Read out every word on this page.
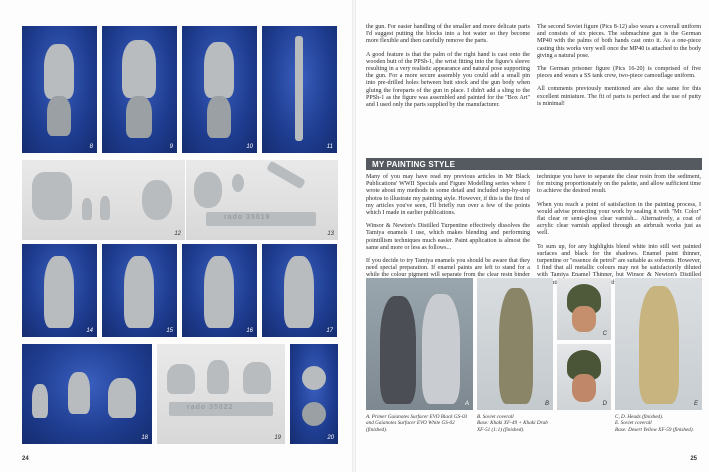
8	9	10	11
12
rado 35019
13
14	15	16	17
18
rado 35022
19	20
24

the gun. For easier handling of the smaller and more delicate parts I'd suggest putting the blocks into a hot water so they become more flexible and then carefully remove the parts.

A good feature is that the palm of the right hand is cast onto the wooden butt of the PPSh-1, the wrist fitting into the figure's sleeve resulting in a very realistic appearance and natural pose supporting the gun. For a more secure assembly you could add a small pin into pre-drilled holes between butt stock and the gun body when gluing the foreparts of the gun in place. I didn't add a sling to the PPSh-1 as the figure was assembled and painted for the "Box Art" and I used only the parts supplied by the manufacturer.

The second Soviet figure (Pics 8-12) also wears a coverall uniform and consists of six pieces. The submachine gun is the German MP40 with the palms of both hands cast onto it. As a one-piece casting this works very well once the MP40 is attached to the body giving a natural pose.

The German prisoner figure (Pics 16-20) is comprised of five pieces and wears a SS tank crew, two-piece camouflage uniform.

All comments previously mentioned are also the same for this excellent miniature. The fit of parts is perfect and the use of putty is minimal!

MY PAINTING STYLE

Many of you may have read my previous articles in Mr Black Publications' WWII Specials and Figure Modelling series where I wrote about my methods in some detail and included step-by-step photos to illustrate my painting style. However, if this is the first of my articles you've seen, I'll briefly run over a few of the points which I made in earlier publications.

Winsor & Newton's Distilled Turpentine effectively dissolves the Tamiya enamels I use, which makes blending and performing pointillism techniques much easier. Paint application is almost the same and more or less as follows...

If you decide to try Tamiya enamels you should be aware that they need special preparation. If enamel paints are left to stand for a while the colour pigment will separate from the clear resin binder

technique you have to separate the clear resin from the sediment, for mixing proportionately on the palette, and allow sufficient time to achieve the desired result.

When you reach a point of satisfaction in the painting process, I would advise protecting your work by sealing it with "Mr. Color" flat clear or semi-gloss clear varnish... Alternatively, a coat of acrylic clear varnish applied through an airbrush works just as well.

To sum up, for any highlights blend white into still wet painted surfaces and black for the shadows. Enamel paint thinner, turpentine or "essence de petrol" are suitable as solvents. However, I find that all metallic colours may not be satisfactorily diluted with Tamiya Enamel Thinner, but Winsor & Newton's Distilled

A	B
C
D	E
A. Primer Gaianotes Surfacer EVO Black GS-03 and Gaianotes Surfacer EVO White GS-02 (finished).
B. Soviet coverall
Base: Khaki XF-49 + Khaki Drab XF-51 (1:1) (finished).
C, D. Heads (finished).
E. Soviet coverall
Base: Desert Yellow XF-59 (finished).
25
